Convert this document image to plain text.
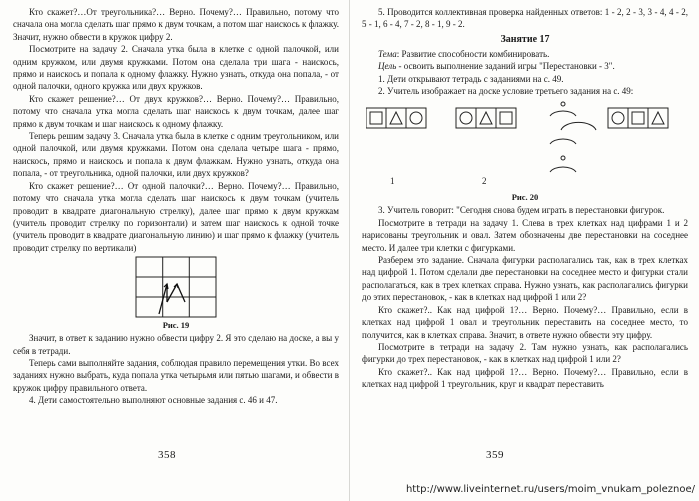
Кто скажет?…От треугольника?… Верно. Почему?… Правильно, потому что сначала она могла сделать шаг прямо к двум точкам, а потом шаг наискось к флажку. Значит, нужно обвести в кружок цифру 2.

Посмотрите на задачу 2. Сначала утка была в клетке с одной палочкой, или одним кружком, или двумя кружками. Потом она сделала три шага - наискось, прямо и наискось и попала к одному флажку. Нужно узнать, откуда она попала, - от одной палочки, одного кружка или двух кружков.

Кто скажет решение?… От двух кружков?… Верно. Почему?… Правильно, потому что сначала утка могла сделать шаг наискось к двум точкам, далее шаг прямо к двум точкам и шаг наискось к одному флажку.

Теперь решим задачу 3. Сначала утка была в клетке с одним треугольником, или одной палочкой, или двумя кружками. Потом она сделала четыре шага - прямо, наискось, прямо и наискось и попала к двум флажкам. Нужно узнать, откуда она попала, - от треугольника, одной палочки, или двух кружков?

Кто скажет решение?… От одной палочки?… Верно. Почему?… Правильно, потому что сначала утка могла сделать шаг наискось к двум точкам (учитель проводит в квадрате диагональную стрелку), далее шаг прямо к двум кружкам (учитель проводит стрелку по горизонтали) и затем шаг наискось к одной точке (учитель проводит в квадрате диагональную линию) и шаг прямо к флажку (учитель проводит стрелку по вертикали)

Рис. 19

Значит, в ответ к заданию нужно обвести цифру 2. Я это сделаю на доске, а вы у себя в тетради.

Теперь сами выполняйте задания, соблюдая правило перемещения утки. Во всех заданиях нужно выбрать, куда попала утка четырьмя или пятью шагами, и обвести в кружок цифру правильного ответа.

4. Дети самостоятельно выполняют основные задания с. 46 и 47.

358

5. Проводится коллективная проверка найденных ответов: 1 - 2, 2 - 3, 3 - 4, 4 - 2, 5 - 1, 6 - 4, 7 - 2, 8 - 1, 9 - 2.

Занятие 17

Тема: Развитие способности комбинировать.

Цель - освоить выполнение заданий игры "Перестановки - 3".

1. Дети открывают тетрадь с заданиями на с. 49.

2. Учитель изображает на доске условие третьего задания на с. 49:

1	2

Рис. 20

3. Учитель говорит: "Сегодня снова будем играть в перестановки фигурок.

Посмотрите в тетради на задачу 1. Слева в трех клетках над цифрами 1 и 2 нарисованы треугольник и овал. Затем обозначены две перестановки на соседнее место. И далее три клетки с фигурками.

Разберем это задание. Сначала фигурки располагались так, как в трех клетках над цифрой 1. Потом сделали две перестановки на соседнее место и фигурки стали располагаться, как в трех клетках справа. Нужно узнать, как располагались фигурки до этих перестановок, - как в клетках над цифрой 1 или 2?

Кто скажет?.. Как над цифрой 1?… Верно. Почему?… Правильно, если в клетках над цифрой 1 овал и треугольник переставить на соседнее место, то получится, как в клетках справа. Значит, в ответе нужно обвести эту цифру.

Посмотрите в тетради на задачу 2. Там нужно узнать, как располагались фигурки до трех перестановок, - как в клетках над цифрой 1 или 2?

Кто скажет?.. Как над цифрой 1?… Верно. Почему?… Правильно, если в клетках над цифрой 1 треугольник, круг и квадрат переставить

359
http://www.liveinternet.ru/users/moim_vnukam_poleznoe/
